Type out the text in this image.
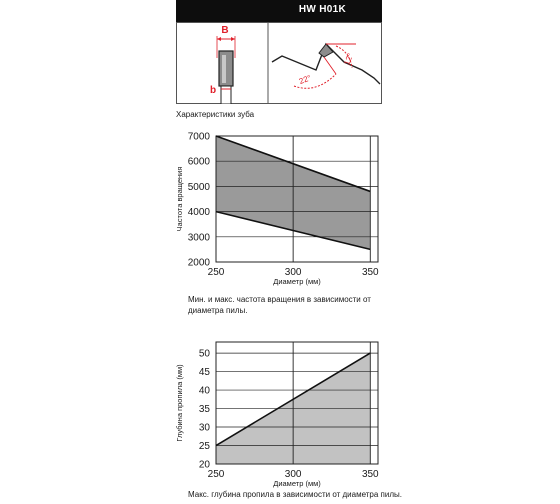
HW H01K
B
b
22°
12°
Характеристики зуба
2000
3000
4000
5000
6000
7000
250	300	350
Диаметр (мм)
Частота вращения
20
25
30
35
40
45
50
250	300	350
Диаметр (мм)
Глубина пропила (мм)
Мин. и макс. частота вращения в зависимости от диаметра пилы.
Макс. глубина пропила в зависимости от диаметра пилы.
